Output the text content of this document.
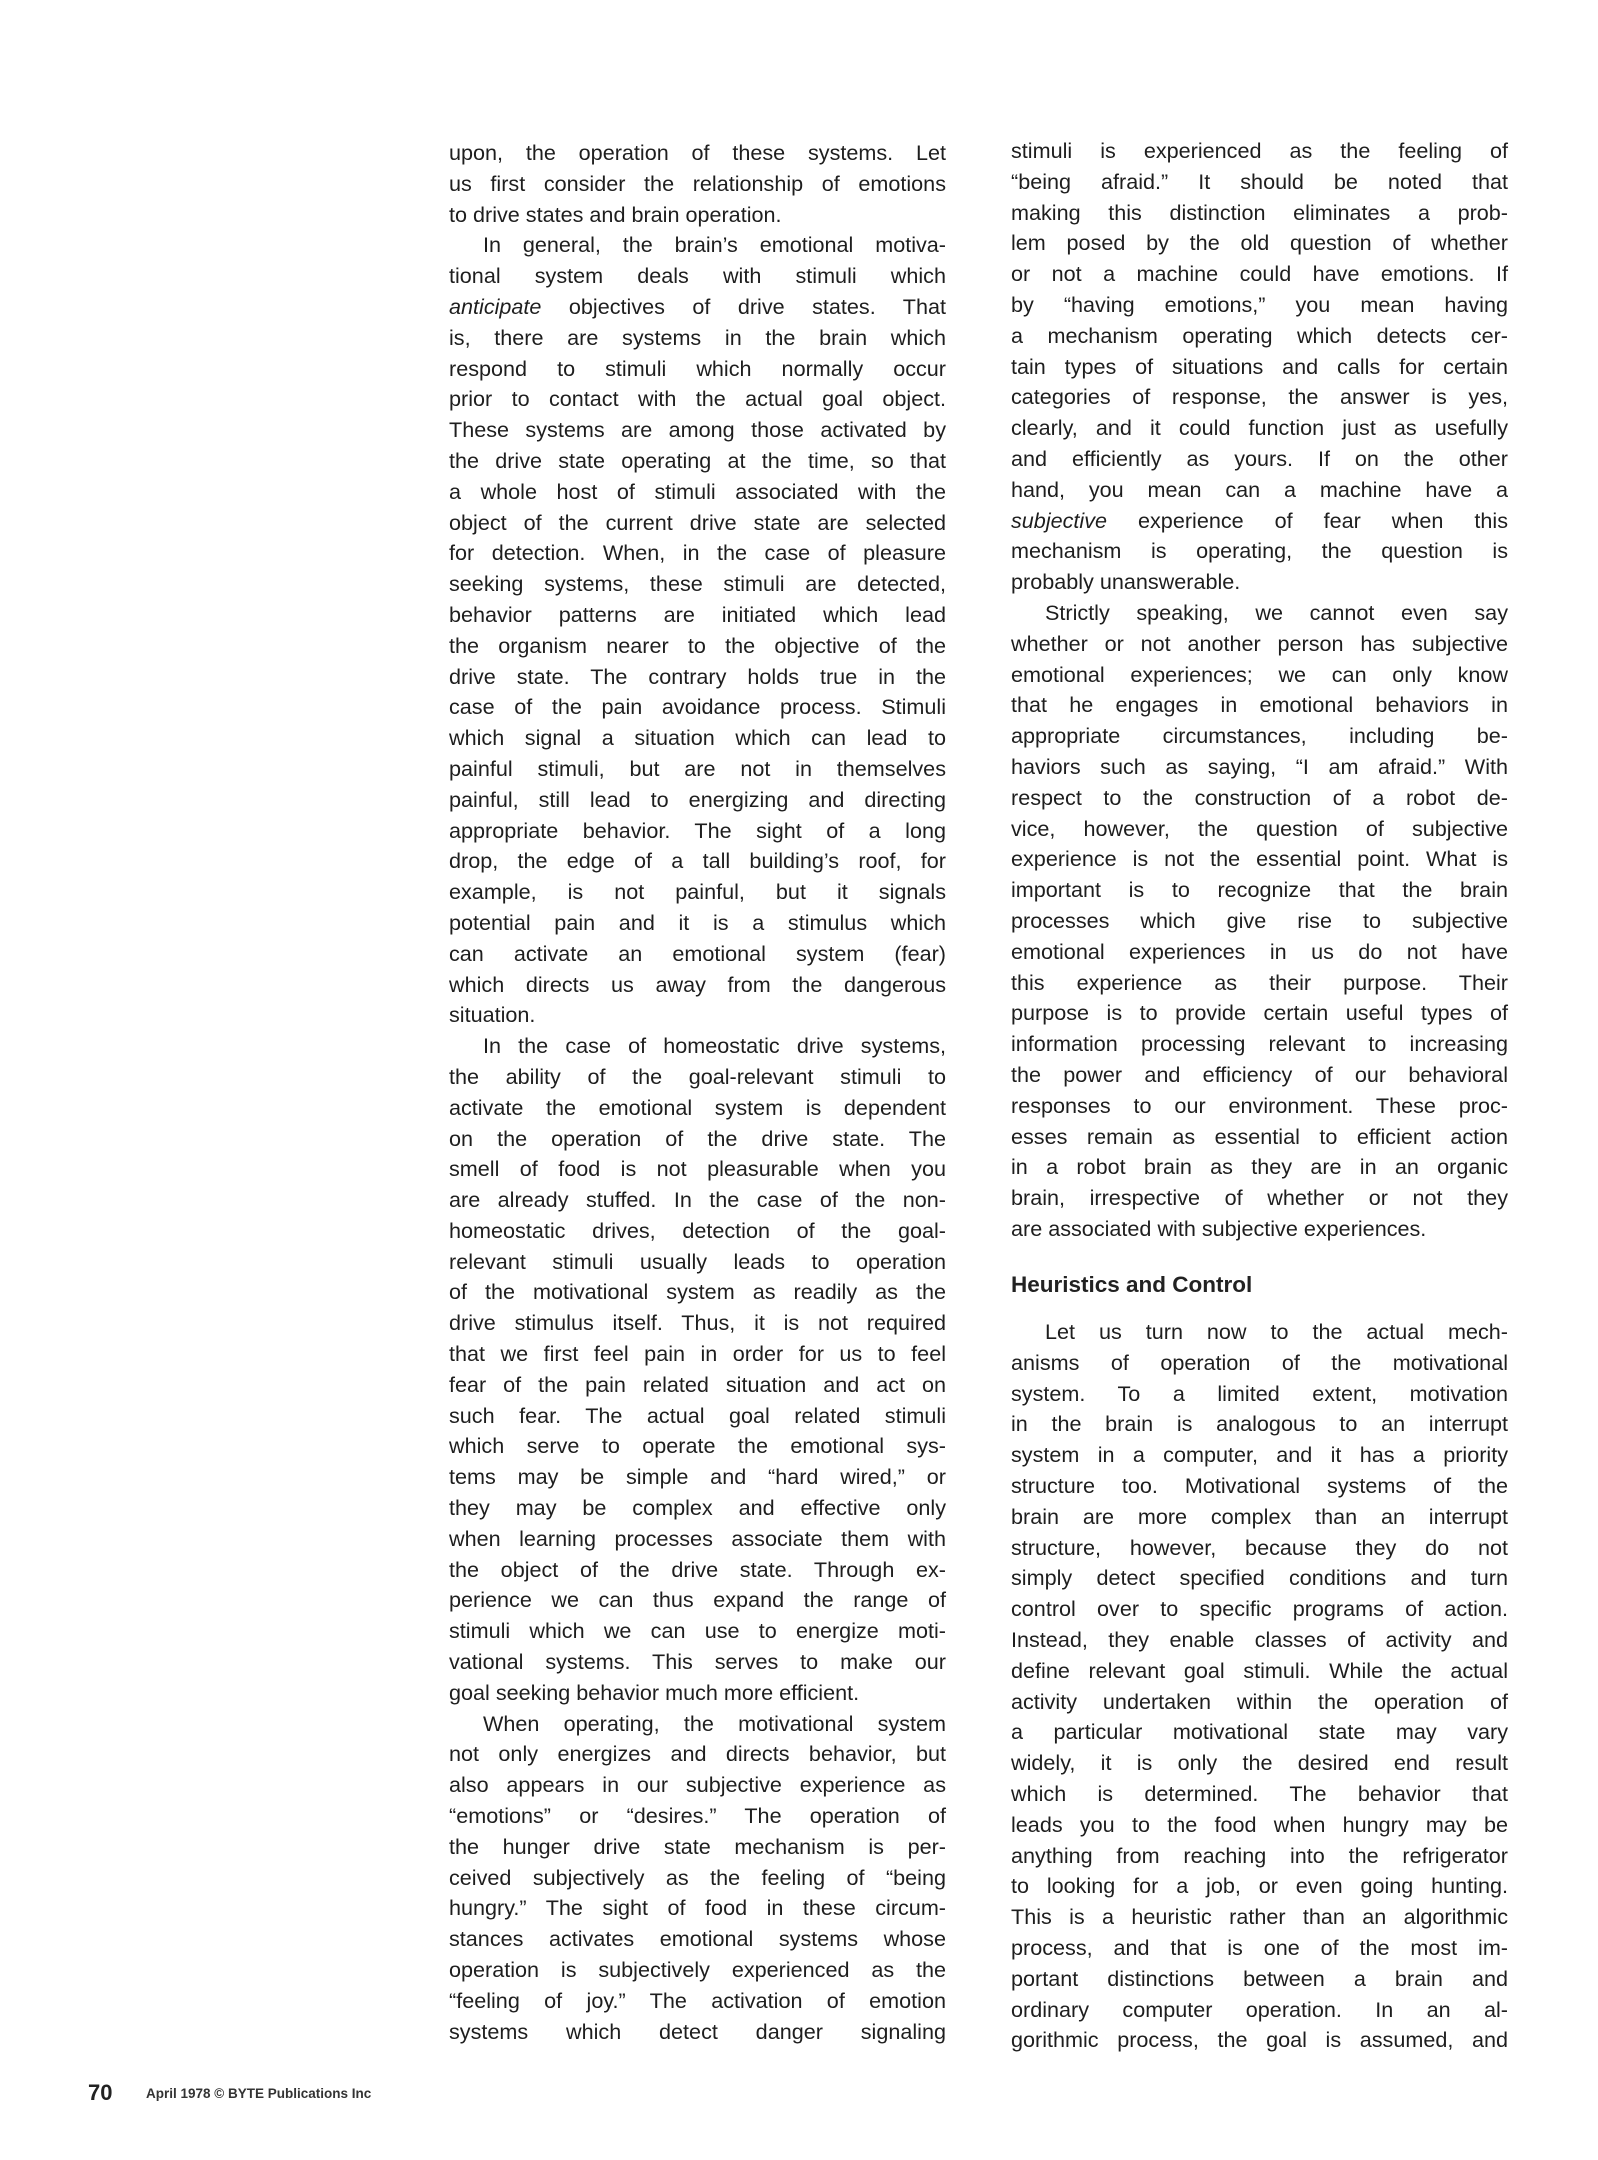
upon, the operation of these systems. Let
us first consider the relationship of emotions
to drive states and brain operation.
In general, the brain’s emotional motiva-
tional system deals with stimuli which
anticipate objectives of drive states. That
is, there are systems in the brain which
respond to stimuli which normally occur
prior to contact with the actual goal object.
These systems are among those activated by
the drive state operating at the time, so that
a whole host of stimuli associated with the
object of the current drive state are selected
for detection. When, in the case of pleasure
seeking systems, these stimuli are detected,
behavior patterns are initiated which lead
the organism nearer to the objective of the
drive state. The contrary holds true in the
case of the pain avoidance process. Stimuli
which signal a situation which can lead to
painful stimuli, but are not in themselves
painful, still lead to energizing and directing
appropriate behavior. The sight of a long
drop, the edge of a tall building’s roof, for
example, is not painful, but it signals
potential pain and it is a stimulus which
can activate an emotional system (fear)
which directs us away from the dangerous
situation.
In the case of homeostatic drive systems,
the ability of the goal-relevant stimuli to
activate the emotional system is dependent
on the operation of the drive state. The
smell of food is not pleasurable when you
are already stuffed. In the case of the non-
homeostatic drives, detection of the goal-
relevant stimuli usually leads to operation
of the motivational system as readily as the
drive stimulus itself. Thus, it is not required
that we first feel pain in order for us to feel
fear of the pain related situation and act on
such fear. The actual goal related stimuli
which serve to operate the emotional sys-
tems may be simple and “hard wired,” or
they may be complex and effective only
when learning processes associate them with
the object of the drive state. Through ex-
perience we can thus expand the range of
stimuli which we can use to energize moti-
vational systems. This serves to make our
goal seeking behavior much more efficient.
When operating, the motivational system
not only energizes and directs behavior, but
also appears in our subjective experience as
“emotions” or “desires.” The operation of
the hunger drive state mechanism is per-
ceived subjectively as the feeling of “being
hungry.” The sight of food in these circum-
stances activates emotional systems whose
operation is subjectively experienced as the
“feeling of joy.” The activation of emotion
systems which detect danger signaling
stimuli is experienced as the feeling of
“being afraid.” It should be noted that
making this distinction eliminates a prob-
lem posed by the old question of whether
or not a machine could have emotions. If
by “having emotions,” you mean having
a mechanism operating which detects cer-
tain types of situations and calls for certain
categories of response, the answer is yes,
clearly, and it could function just as usefully
and efficiently as yours. If on the other
hand, you mean can a machine have a
subjective experience of fear when this
mechanism is operating, the question is
probably unanswerable.
Strictly speaking, we cannot even say
whether or not another person has subjective
emotional experiences; we can only know
that he engages in emotional behaviors in
appropriate circumstances, including be-
haviors such as saying, “I am afraid.” With
respect to the construction of a robot de-
vice, however, the question of subjective
experience is not the essential point. What is
important is to recognize that the brain
processes which give rise to subjective
emotional experiences in us do not have
this experience as their purpose. Their
purpose is to provide certain useful types of
information processing relevant to increasing
the power and efficiency of our behavioral
responses to our environment. These proc-
esses remain as essential to efficient action
in a robot brain as they are in an organic
brain, irrespective of whether or not they
are associated with subjective experiences.
Heuristics and Control
Let us turn now to the actual mech-
anisms of operation of the motivational
system. To a limited extent, motivation
in the brain is analogous to an interrupt
system in a computer, and it has a priority
structure too. Motivational systems of the
brain are more complex than an interrupt
structure, however, because they do not
simply detect specified conditions and turn
control over to specific programs of action.
Instead, they enable classes of activity and
define relevant goal stimuli. While the actual
activity undertaken within the operation of
a particular motivational state may vary
widely, it is only the desired end result
which is determined. The behavior that
leads you to the food when hungry may be
anything from reaching into the refrigerator
to looking for a job, or even going hunting.
This is a heuristic rather than an algorithmic
process, and that is one of the most im-
portant distinctions between a brain and
ordinary computer operation. In an al-
gorithmic process, the goal is assumed, and
70 April 1978 © BYTE Publications Inc
